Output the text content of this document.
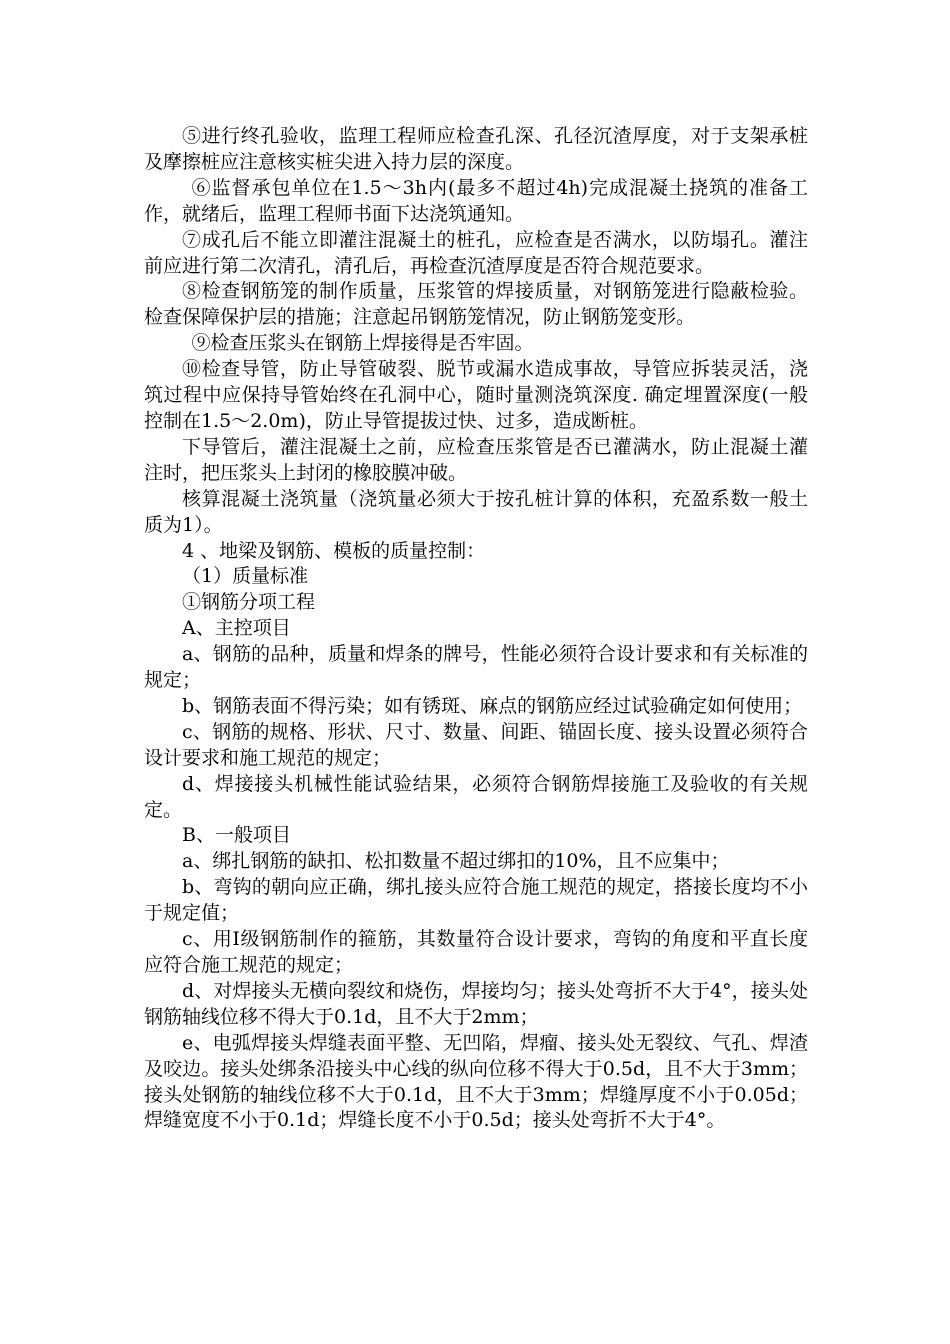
⑤进行终孔验收，监理工程师应检查孔深、孔径沉渣厚度，对于支架承桩及摩擦桩应注意核实桩尖进入持力层的深度。

⑥监督承包单位在1.5～3h内(最多不超过4h)完成混凝土挠筑的准备工作，就绪后，监理工程师书面下达浇筑通知。

⑦成孔后不能立即灌注混凝土的桩孔，应检查是否满水，以防塌孔。灌注前应进行第二次清孔，清孔后，再检查沉渣厚度是否符合规范要求。

⑧检查钢筋笼的制作质量，压浆管的焊接质量，对钢筋笼进行隐蔽检验。检查保障保护层的措施；注意起吊钢筋笼情况，防止钢筋笼变形。

⑨检查压浆头在钢筋上焊接得是否牢固。

⑩检查导管，防止导管破裂、脱节或漏水造成事故，导管应拆装灵活，浇筑过程中应保持导管始终在孔洞中心，随时量测浇筑深度. 确定埋置深度(一般控制在1.5～2.0m)，防止导管提拔过快、过多，造成断桩。

下导管后，灌注混凝土之前，应检查压浆管是否已灌满水，防止混凝土灌注时，把压浆头上封闭的橡胶膜冲破。

核算混凝土浇筑量（浇筑量必须大于按孔桩计算的体积，充盈系数一般土质为1）。

4 、地梁及钢筋、模板的质量控制：

（1）质量标准

①钢筋分项工程

A、主控项目

a、钢筋的品种，质量和焊条的牌号，性能必须符合设计要求和有关标准的规定；

b、钢筋表面不得污染；如有锈斑、麻点的钢筋应经过试验确定如何使用；

c、钢筋的规格、形状、尺寸、数量、间距、锚固长度、接头设置必须符合设计要求和施工规范的规定；

d、焊接接头机械性能试验结果，必须符合钢筋焊接施工及验收的有关规定。

B、一般项目

a、绑扎钢筋的缺扣、松扣数量不超过绑扣的10%，且不应集中；

b、弯钩的朝向应正确，绑扎接头应符合施工规范的规定，搭接长度均不小于规定值；

c、用Ⅰ级钢筋制作的箍筋，其数量符合设计要求，弯钩的角度和平直长度应符合施工规范的规定；

d、对焊接头无横向裂纹和烧伤，焊接均匀；接头处弯折不大于4°，接头处钢筋轴线位移不得大于0.1d，且不大于2mm；

e、电弧焊接头焊缝表面平整、无凹陷，焊瘤、接头处无裂纹、气孔、焊渣及咬边。接头处绑条沿接头中心线的纵向位移不得大于0.5d，且不大于3mm；接头处钢筋的轴线位移不大于0.1d，且不大于3mm；焊缝厚度不小于0.05d；焊缝宽度不小于0.1d；焊缝长度不小于0.5d；接头处弯折不大于4°。
